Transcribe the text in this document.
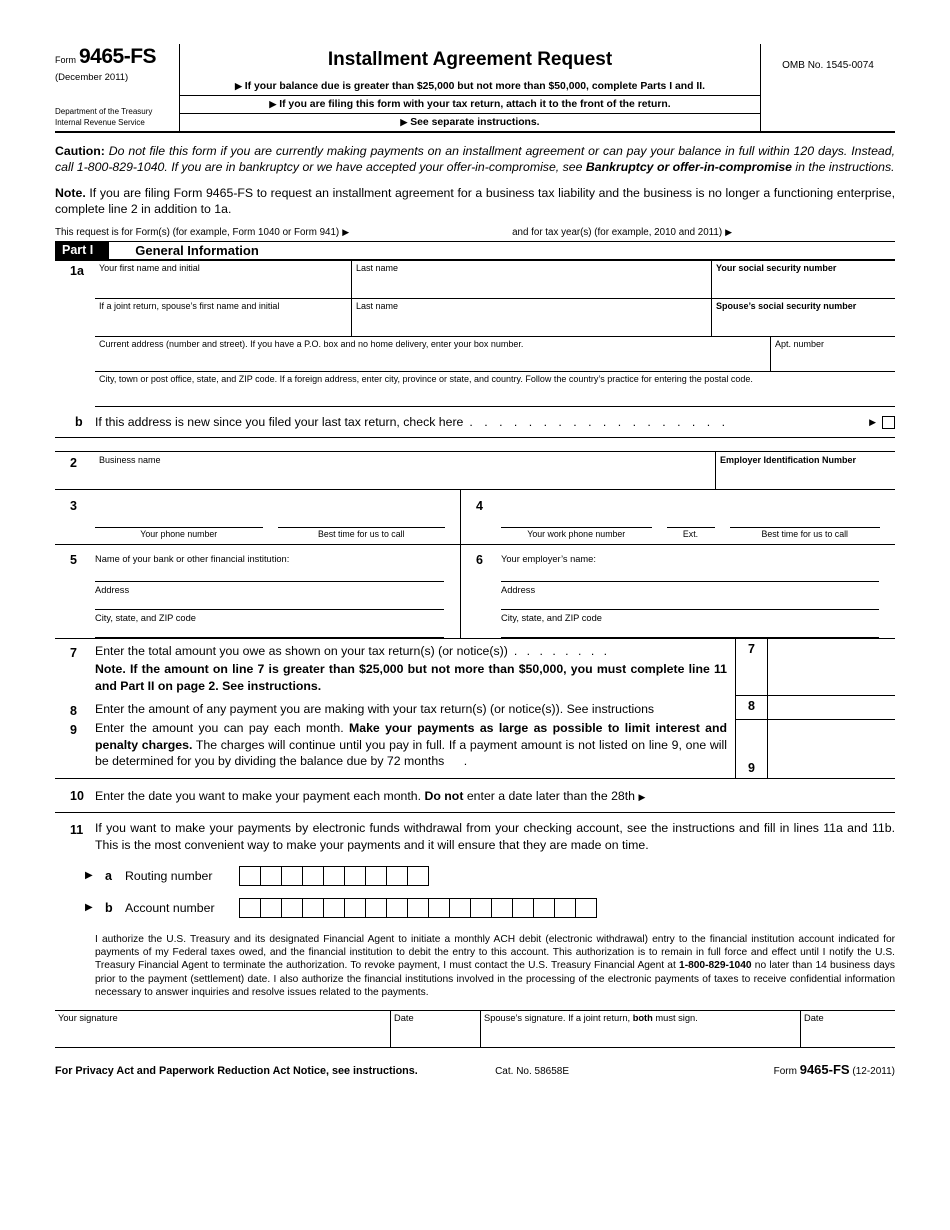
Form 9465-FS
(December 2011)
Department of the Treasury
Internal Revenue Service
Installment Agreement Request
▶ If your balance due is greater than $25,000 but not more than $50,000, complete Parts I and II.
▶ If you are filing this form with your tax return, attach it to the front of the return.
▶ See separate instructions.
OMB No. 1545-0074

Caution: Do not file this form if you are currently making payments on an installment agreement or can pay your balance in full within 120 days. Instead, call 1-800-829-1040. If you are in bankruptcy or we have accepted your offer-in-compromise, see Bankruptcy or offer-in-compromise in the instructions.

Note. If you are filing Form 9465-FS to request an installment agreement for a business tax liability and the business is no longer a functioning enterprise, complete line 2 in addition to 1a.

This request is for Form(s) (for example, Form 1040 or Form 941) ▶	and for tax year(s) (for example, 2010 and 2011) ▶
Part I	General Information
1a	Your first name and initial	Last name	Your social security number
If a joint return, spouse’s first name and initial	Last name	Spouse’s social security number
Current address (number and street). If you have a P.O. box and no home delivery, enter your box number.	Apt. number
City, town or post office, state, and ZIP code. If a foreign address, enter city, province or state, and country. Follow the country’s practice for entering the postal code.
b	If this address is new since you filed your last tax return, check here . . . . . . . . . . . . . . . . . .	▶
2	Business name	Employer Identification Number
3
Your phone number	Best time for us to call
4
Your work phone number	Ext.	Best time for us to call
5	Name of your bank or other financial institution:
Address
City, state, and ZIP code
6	Your employer’s name:
Address
City, state, and ZIP code
7	Enter the total amount you owe as shown on your tax return(s) (or notice(s)) . . . . . . . .
Note. If the amount on line 7 is greater than $25,000 but not more than $50,000, you must complete line 11 and Part II on page 2. See instructions.
8	Enter the amount of any payment you are making with your tax return(s) (or notice(s)). See instructions
9	Enter the amount you can pay each month. Make your payments as large as possible to limit interest and penalty charges. The charges will continue until you pay in full. If a payment amount is not listed on line 9, one will be determined for you by dividing the balance due by 72 months .
7
8
9
10 Enter the date you want to make your payment each month. Do not enter a date later than the 28th ▶
11 If you want to make your payments by electronic funds withdrawal from your checking account, see the instructions and fill in lines 11a and 11b. This is the most convenient way to make your payments and it will ensure that they are made on time.
▶ a	Routing number
▶ b	Account number

I authorize the U.S. Treasury and its designated Financial Agent to initiate a monthly ACH debit (electronic withdrawal) entry to the financial institution account indicated for payments of my Federal taxes owed, and the financial institution to debit the entry to this account. This authorization is to remain in full force and effect until I notify the U.S. Treasury Financial Agent to terminate the authorization. To revoke payment, I must contact the U.S. Treasury Financial Agent at 1-800-829-1040 no later than 14 business days prior to the payment (settlement) date. I also authorize the financial institutions involved in the processing of the electronic payments of taxes to receive confidential information necessary to answer inquiries and resolve issues related to the payments.

Your signature	Date	Spouse’s signature. If a joint return, both must sign.	Date
For Privacy Act and Paperwork Reduction Act Notice, see instructions.	Cat. No. 58658E	Form 9465-FS (12-2011)
